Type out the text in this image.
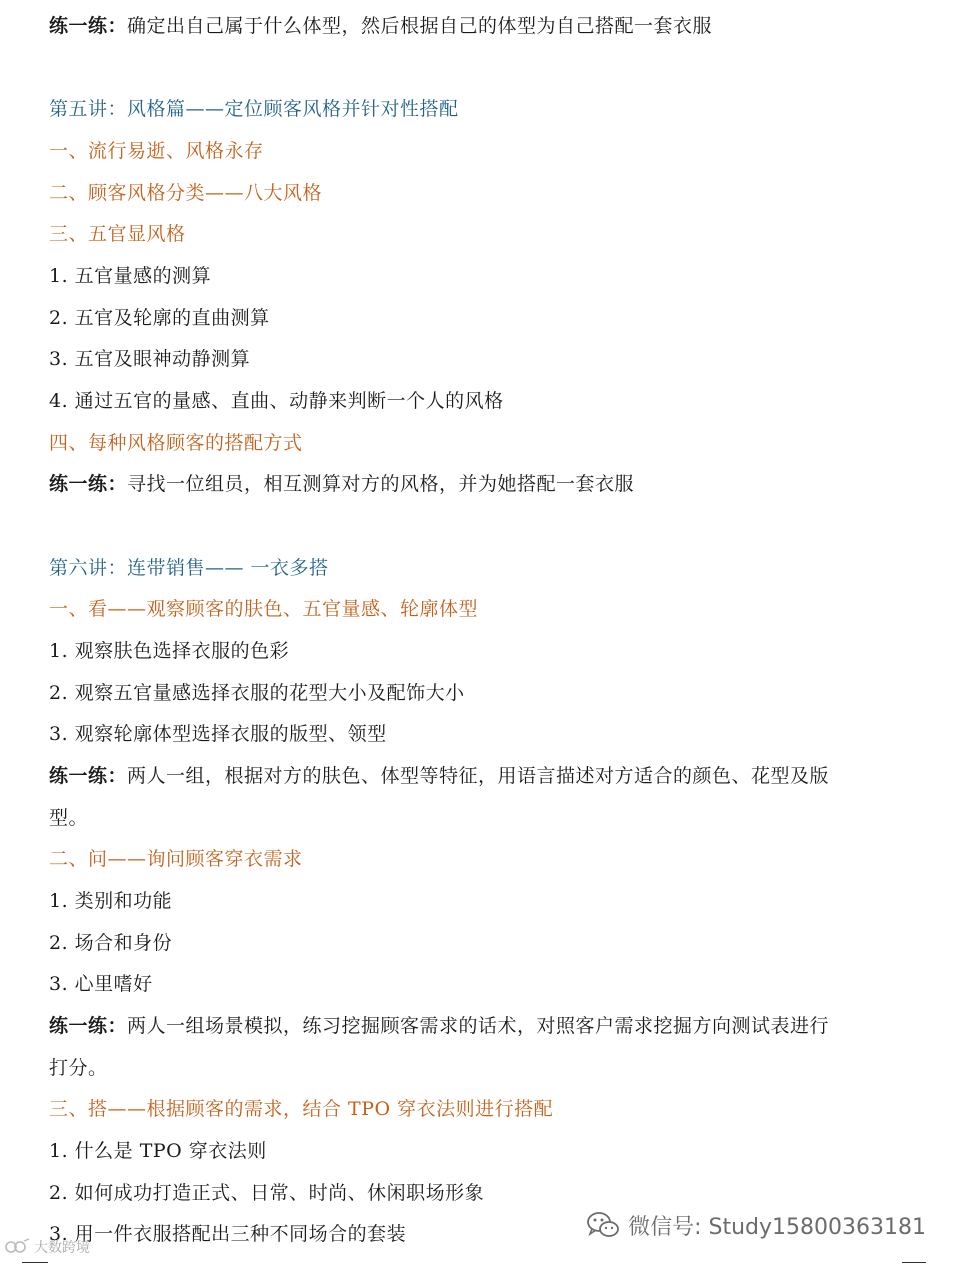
练一练：确定出自己属于什么体型，然后根据自己的体型为自己搭配一套衣服
第五讲：风格篇——定位顾客风格并针对性搭配
一、流行易逝、风格永存
二、顾客风格分类——八大风格
三、五官显风格
1. 五官量感的测算
2. 五官及轮廓的直曲测算
3. 五官及眼神动静测算
4. 通过五官的量感、直曲、动静来判断一个人的风格
四、每种风格顾客的搭配方式
练一练：寻找一位组员，相互测算对方的风格，并为她搭配一套衣服
第六讲：连带销售—— 一衣多搭
一、看——观察顾客的肤色、五官量感、轮廓体型
1. 观察肤色选择衣服的色彩
2. 观察五官量感选择衣服的花型大小及配饰大小
3. 观察轮廓体型选择衣服的版型、领型
练一练：两人一组，根据对方的肤色、体型等特征，用语言描述对方适合的颜色、花型及版
型。
二、问——询问顾客穿衣需求
1. 类别和功能
2. 场合和身份
3. 心里嗜好
练一练：两人一组场景模拟，练习挖掘顾客需求的话术，对照客户需求挖掘方向测试表进行
打分。
三、搭——根据顾客的需求，结合 TPO 穿衣法则进行搭配
1. 什么是 TPO 穿衣法则
2. 如何成功打造正式、日常、时尚、休闲职场形象
3. 用一件衣服搭配出三种不同场合的套装	微信号: Study15800363181
大数跨境
